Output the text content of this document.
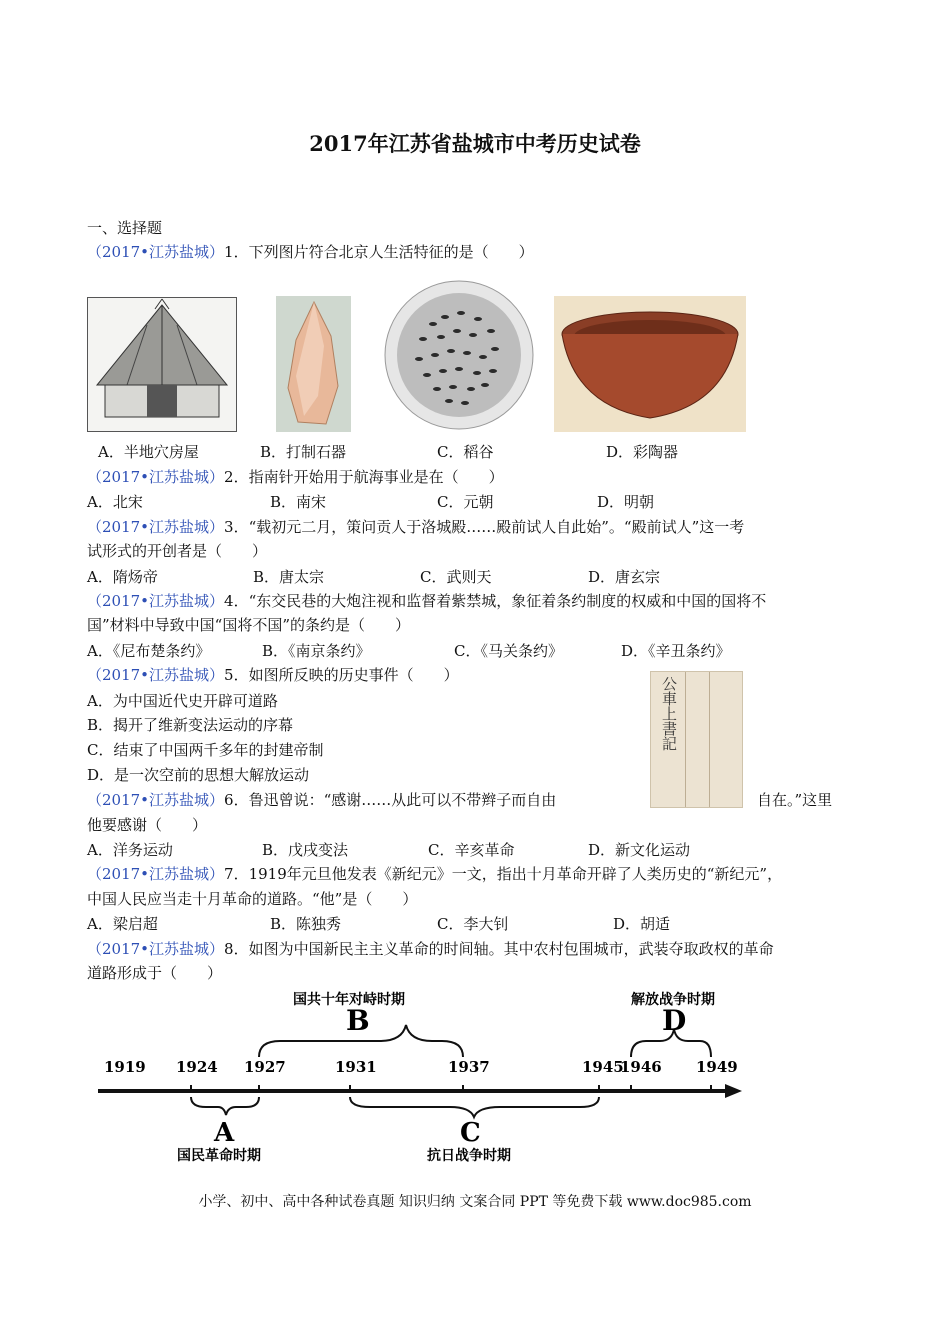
2017年江苏省盐城市中考历史试卷
一、选择题
（2017•江苏盐城）1．下列图片符合北京人生活特征的是（　　）
A．半地穴房屋	B．打制石器	C．稻谷	D．彩陶器
（2017•江苏盐城）2．指南针开始用于航海事业是在（　　）
A．北宋	B．南宋	C．元朝	D．明朝
（2017•江苏盐城）3．“载初元二月，策问贡人于洛城殿……殿前试人自此始”。“殿前试人”这一考
试形式的开创者是（　　）
A．隋炀帝	B．唐太宗	C．武则天	D．唐玄宗
（2017•江苏盐城）4．“东交民巷的大炮注视和监督着紫禁城，象征着条约制度的权威和中国的国将不
国”材料中导致中国“国将不国”的条约是（　　）
A．《尼布楚条约》	B．《南京条约》	C．《马关条约》	D．《辛丑条约》
（2017•江苏盐城）5．如图所反映的历史事件（　　）
A．为中国近代史开辟可道路
B．揭开了维新变法运动的序幕
C．结束了中国两千多年的封建帝制
D．是一次空前的思想大解放运动
公車上書記
（2017•江苏盐城）6．鲁迅曾说：“感谢……从此可以不带辫子而自由	自在。”这里
他要感谢（　　）
A．洋务运动	B．戊戌变法	C．辛亥革命	D．新文化运动
（2017•江苏盐城）7．1919年元旦他发表《新纪元》一文，指出十月革命开辟了人类历史的“新纪元”，
中国人民应当走十月革命的道路。“他”是（　　）
A．梁启超	B．陈独秀	C．李大钊	D．胡适
（2017•江苏盐城）8．如图为中国新民主主义革命的时间轴。其中农村包围城市，武装夺取政权的革命
道路形成于（　　）
1919 1924 1927	1931	1937	1945
1946 1949
国共十年对峙时期
B
解放战争时期
D
A
国民革命时期
C
抗日战争时期
小学、初中、高中各种试卷真题 知识归纳 文案合同 PPT 等免费下载 www.doc985.com
